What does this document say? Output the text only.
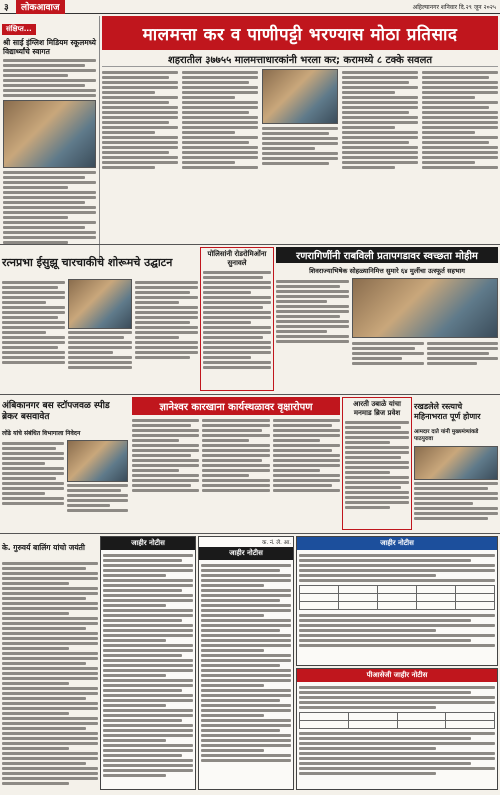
३	लोकआवाज	अहिल्यानगर शनिवार दि.२९ जून २०२५
संक्षिप्त...
श्री साई इंग्लिश मिडियम स्कूलमध्ये विद्यार्थ्यांचे स्वागत
मालमत्ता कर व पाणीपट्टी भरण्यास मोठा प्रतिसाद
शहरातील ३७७५५ मालमत्ताधारकांनी भरला कर; करामध्ये ८ टक्के सवलत
रत्नप्रभा ईसुझू चारचाकीचे शोरूमचे उद्घाटन
पोलिसांनी रोडरोमिओंना सुनावले
रणरागिणींनी राबविली प्रतापगडावर स्वच्छता मोहीम
शिवराज्याभिषेक सोहळ्यानिमित्त सुमारे ६४ मुलींचा उत्स्फूर्त सहभाग
अंबिकानगर बस स्टॉपजवळ स्पीड ब्रेकर बसवावेत
लोंढे यांचे संबंधित विभागाला निवेदन
ज्ञानेश्वर कारखाना कार्यस्थळावर वृक्षारोपण	आरती उबाळे यांचा मनमाड ब्रिज प्रवेश
रखडलेले रस्त्याचे महिनाभरात पूर्ण होणार
आमदार दाते यांनी मुख्यमंत्र्यांकडे पाठपुरावा
के. गुरुवर्य बालिंग यांचो जयंती	जाहीर नोटीस	क. नं. ले. आ.
जाहीर नोटीस
जाहीर नोटीस

पीआसेजी जाहीर नोटीस
